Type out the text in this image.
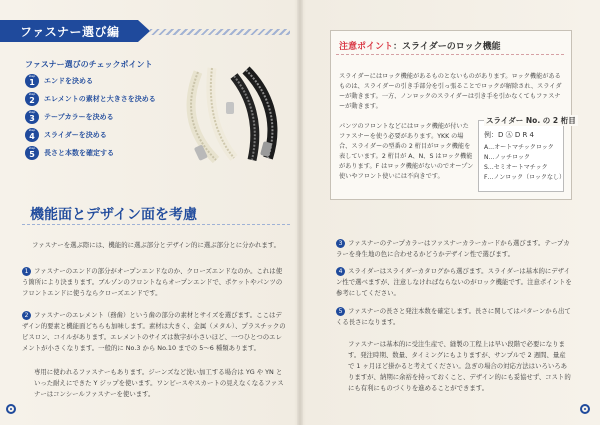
ファスナー選び編
ファスナー選びのチェックポイント
step
1	エンドを決める
step
2	エレメントの素材と大きさを決める
step
3	テープカラーを決める
step
4	スライダーを決める
step
5	長さと本数を確定する
機能面とデザイン面を考慮
ファスナーを選ぶ際には、機能的に選ぶ部分とデザイン的に選ぶ部分とに分かれます。
1 ファスナーのエンドの部分がオープンエンドなのか、クローズエンドなのか。これは使う箇所により決まります。ブルゾンのフロントならオープンエンドで、ポケットやパンツのフロントエンドに使うならクローズエンドです。
2 ファスナーのエレメント（務歯）という歯の部分の素材とサイズを選びます。ここはデザイン的要素と機能面どちらも加味します。素材は大きく、金属（メタル）、プラスチックのビスロン、コイルがあります。エレメントのサイズは数字が小さいほど、一つひとつのエレメントが小さくなります。一般的に No.3 から No.10 までの 5〜6 種類あります。
専用に使われるファスナーもあります。ジーンズなど洗い加工する場合は YG や YN といった耐えにできた Y ジップを使います。ワンピースやスカートの見えなくなるファスナーはコンシールファスナーを使います。
注意ポイント：スライダーのロック機能
スライダーにはロック機能があるものとないものがあります。ロック機能があるものは、スライダーの引き手部分を引っ張ることでロックが解除され、スライダーが動きます。一方、ノンロックのスライダーは引き手を引かなくてもファスナーが動きます。
パンツのフロントなどにはロック機能が付いたファスナーを使う必要があります。YKK の場合、スライダーの型番の 2 桁目がロック機能を表しています。2 桁目が A、N、S はロック機能があります。F はロック機能がないのでオープン使いやフロント使いには不向きです。
スライダー No. の 2 桁目
例：D Ⓐ D R 4
A…オートマチックロック
N…ノッチロック
S…セミオートマチック
F…ノンロック（ロックなし）
3 ファスナーのテープカラーはファスナーカラーカードから選びます。テープカラーを身生地の色に合わせるかどうかデザイン性で選びます。
4 スライダーはスライダーカタログから選びます。スライダーは基本的にデザイン性で選べますが、注意しなければならないのがロック機能です。注意ポイントを参考にしてください。
5 ファスナーの長さと発注本数を確定します。長さに関してはパターンから出てくる長さになります。
ファスナーは基本的に受注生産で、縫製の工程上は早い段階で必要になります。発注時期、数量、タイミングにもよりますが、サンプルで 2 週間、量産で 1 ヶ月ほど掛かると考えてください。急ぎの場合の対応方法はいろいろありますが、納期に余裕を持っておくこと、デザイン的にも妥協せず、コスト的にも有利にものづくりを進めることができます。
